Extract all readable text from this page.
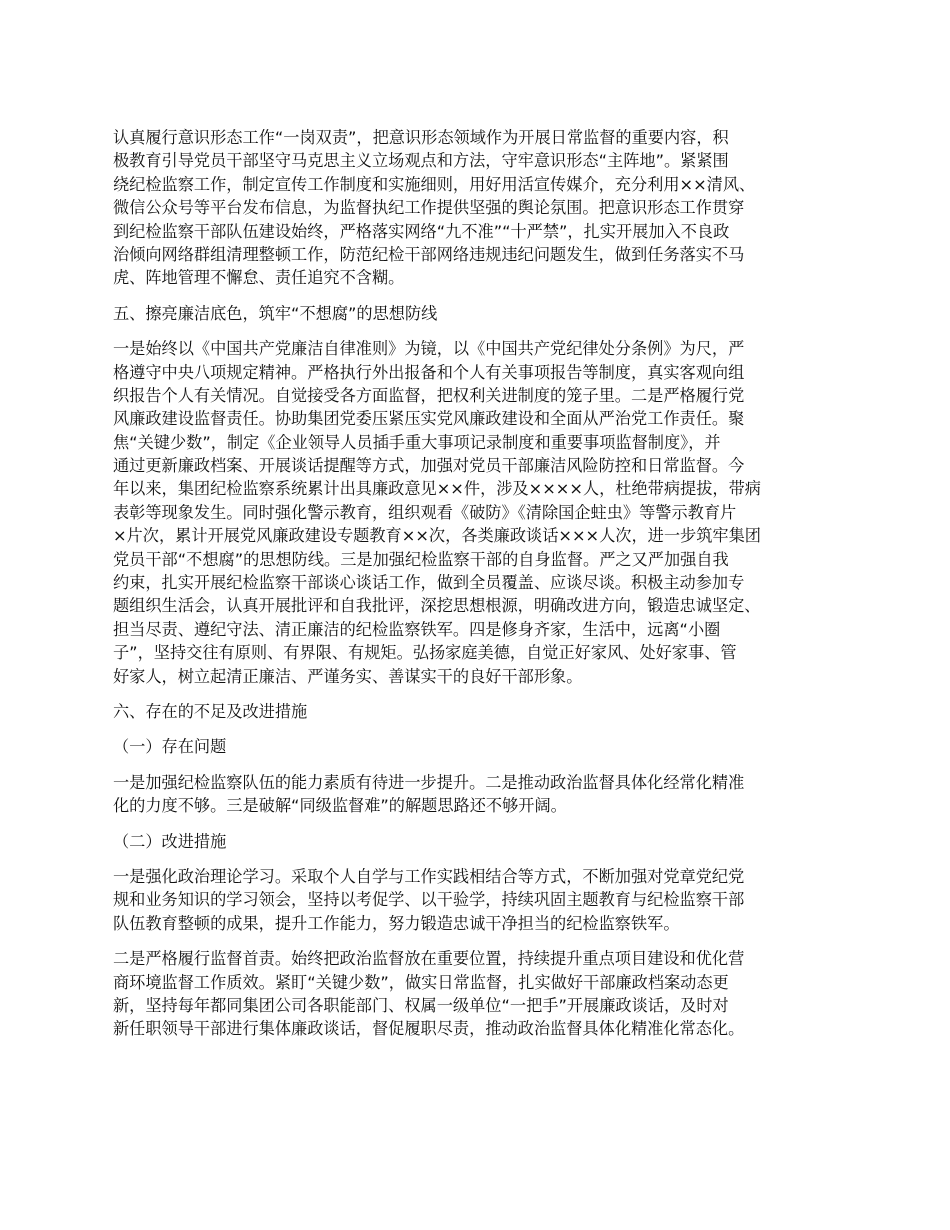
认真履行意识形态工作“一岗双责”，把意识形态领域作为开展日常监督的重要内容，积
极教育引导党员干部坚守马克思主义立场观点和方法，守牢意识形态“主阵地”。紧紧围
绕纪检监察工作，制定宣传工作制度和实施细则，用好用活宣传媒介，充分利用××清风、
微信公众号等平台发布信息，为监督执纪工作提供坚强的舆论氛围。把意识形态工作贯穿
到纪检监察干部队伍建设始终，严格落实网络“九不准”“十严禁”，扎实开展加入不良政
治倾向网络群组清理整顿工作，防范纪检干部网络违规违纪问题发生，做到任务落实不马
虎、阵地管理不懈怠、责任追究不含糊。
五、擦亮廉洁底色，筑牢“不想腐”的思想防线
一是始终以《中国共产党廉洁自律准则》为镜，以《中国共产党纪律处分条例》为尺，严
格遵守中央八项规定精神。严格执行外出报备和个人有关事项报告等制度，真实客观向组
织报告个人有关情况。自觉接受各方面监督，把权利关进制度的笼子里。二是严格履行党
风廉政建设监督责任。协助集团党委压紧压实党风廉政建设和全面从严治党工作责任。聚
焦“关键少数”，制定《企业领导人员插手重大事项记录制度和重要事项监督制度》，并
通过更新廉政档案、开展谈话提醒等方式，加强对党员干部廉洁风险防控和日常监督。今
年以来，集团纪检监察系统累计出具廉政意见××件，涉及××××人，杜绝带病提拔，带病
表彰等现象发生。同时强化警示教育，组织观看《破防》《清除国企蛀虫》等警示教育片
×片次，累计开展党风廉政建设专题教育××次，各类廉政谈话×××人次，进一步筑牢集团
党员干部“不想腐”的思想防线。三是加强纪检监察干部的自身监督。严之又严加强自我
约束，扎实开展纪检监察干部谈心谈话工作，做到全员覆盖、应谈尽谈。积极主动参加专
题组织生活会，认真开展批评和自我批评，深挖思想根源，明确改进方向，锻造忠诚坚定、
担当尽责、遵纪守法、清正廉洁的纪检监察铁军。四是修身齐家，生活中，远离“小圈
子”，坚持交往有原则、有界限、有规矩。弘扬家庭美德，自觉正好家风、处好家事、管
好家人，树立起清正廉洁、严谨务实、善谋实干的良好干部形象。
六、存在的不足及改进措施
（一）存在问题
一是加强纪检监察队伍的能力素质有待进一步提升。二是推动政治监督具体化经常化精准
化的力度不够。三是破解“同级监督难”的解题思路还不够开阔。
（二）改进措施
一是强化政治理论学习。采取个人自学与工作实践相结合等方式，不断加强对党章党纪党
规和业务知识的学习领会，坚持以考促学、以干验学，持续巩固主题教育与纪检监察干部
队伍教育整顿的成果，提升工作能力，努力锻造忠诚干净担当的纪检监察铁军。
二是严格履行监督首责。始终把政治监督放在重要位置，持续提升重点项目建设和优化营
商环境监督工作质效。紧盯“关键少数”，做实日常监督，扎实做好干部廉政档案动态更
新，坚持每年都同集团公司各职能部门、权属一级单位“一把手”开展廉政谈话，及时对
新任职领导干部进行集体廉政谈话，督促履职尽责，推动政治监督具体化精准化常态化。
